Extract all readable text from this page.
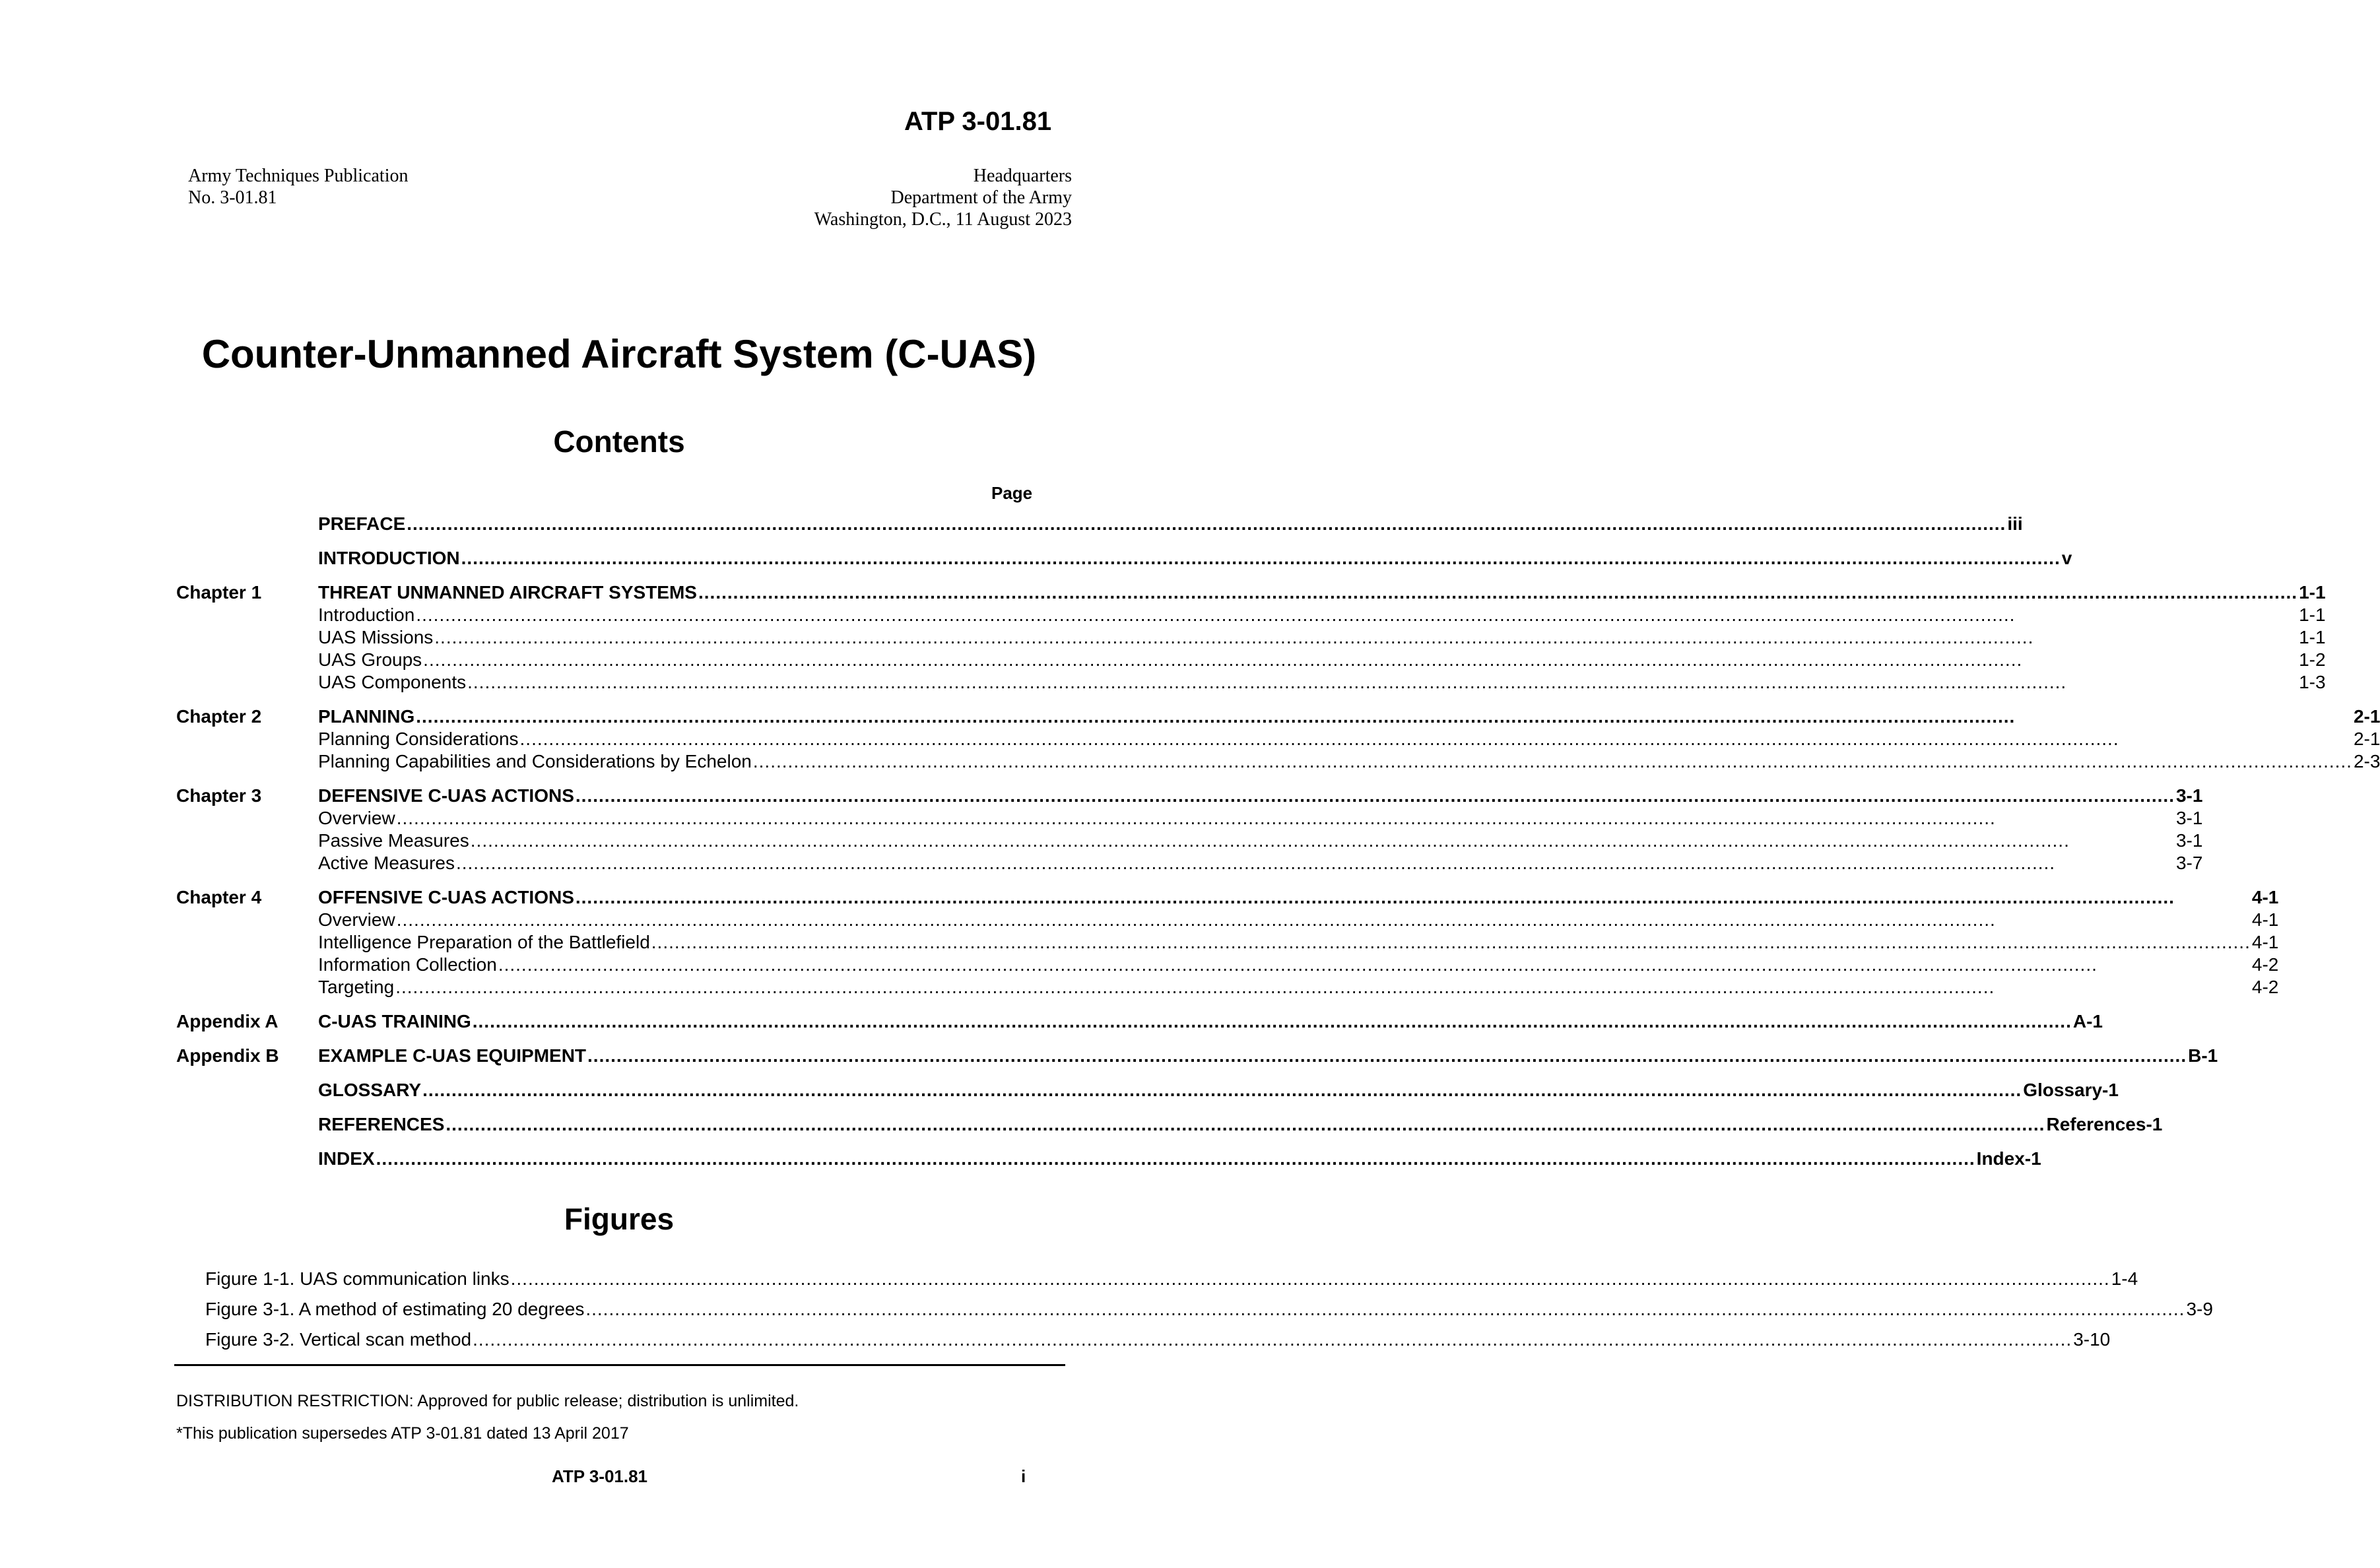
ATP 3-01.81
Army Techniques Publication
No. 3-01.81
Headquarters
Department of the Army
Washington, D.C., 11 August 2023
Counter-Unmanned Aircraft System (C-UAS)
Contents
Page
PREFACE .....	iii
INTRODUCTION .....	v
Chapter 1	THREAT UNMANNED AIRCRAFT SYSTEMS .....	1-1
Introduction .....	1-1
UAS Missions .....	1-1
UAS Groups .....	1-2
UAS Components .....	1-3
Chapter 2	PLANNING .....	2-1
Planning Considerations .....	2-1
Planning Capabilities and Considerations by Echelon .....	2-3
Chapter 3	DEFENSIVE C-UAS ACTIONS .....	3-1
Overview .....	3-1
Passive Measures .....	3-1
Active Measures .....	3-7
Chapter 4	OFFENSIVE C-UAS ACTIONS .....	4-1
Overview .....	4-1
Intelligence Preparation of the Battlefield .....	4-1
Information Collection .....	4-2
Targeting .....	4-2
Appendix A	C-UAS TRAINING .....	A-1
Appendix B	EXAMPLE C-UAS EQUIPMENT .....	B-1
GLOSSARY .....	Glossary-1
REFERENCES .....	References-1
INDEX .....	Index-1
Figures
Figure 1-1. UAS communication links .....	1-4
Figure 3-1. A method of estimating 20 degrees .....	3-9
Figure 3-2. Vertical scan method .....	3-10
DISTRIBUTION RESTRICTION: Approved for public release; distribution is unlimited.
*This publication supersedes ATP 3-01.81 dated 13 April 2017
ATP 3-01.81	i
